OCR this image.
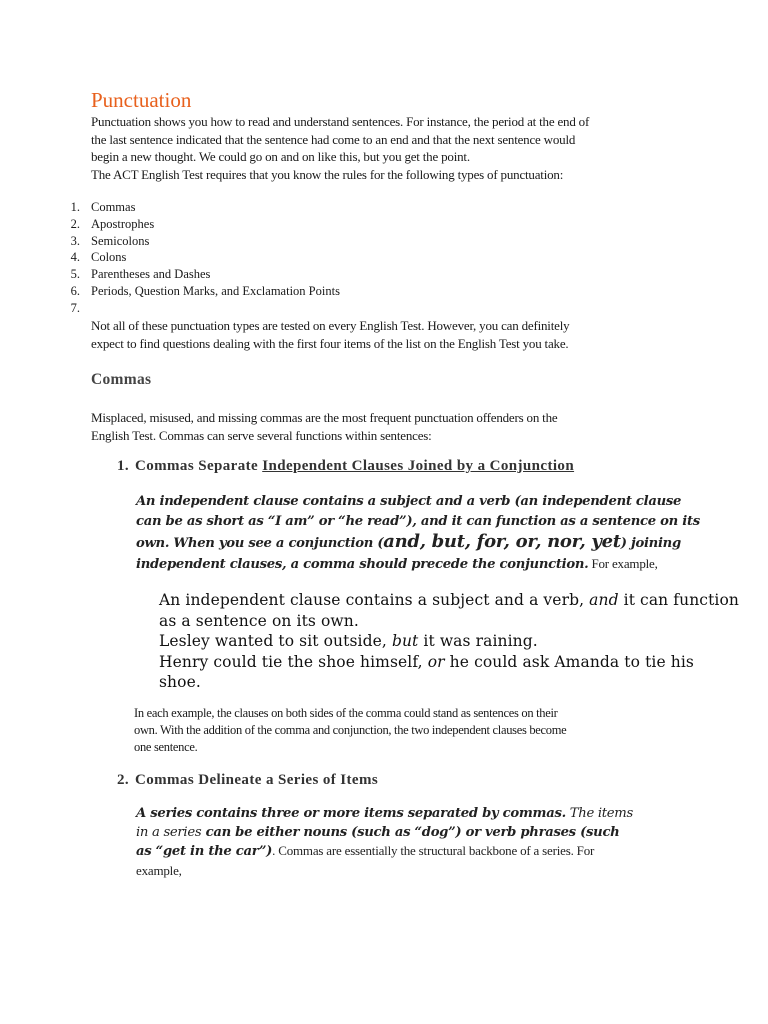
Punctuation
Punctuation shows you how to read and understand sentences. For instance, the period at the end of
the last sentence indicated that the sentence had come to an end and that the next sentence would
begin a new thought. We could go on and on like this, but you get the point.
The ACT English Test requires that you know the rules for the following types of punctuation:
1. Commas
2. Apostrophes
3. Semicolons
4. Colons
5. Parentheses and Dashes
6. Periods, Question Marks, and Exclamation Points
7.
Not all of these punctuation types are tested on every English Test. However, you can definitely
expect to find questions dealing with the first four items of the list on the English Test you take.
Commas
Misplaced, misused, and missing commas are the most frequent punctuation offenders on the
English Test. Commas can serve several functions within sentences:
1. Commas Separate Independent Clauses Joined by a Conjunction
An independent clause contains a subject and a verb (an independent clause
can be as short as “I am” or “he read”), and it can function as a sentence on its
own. When you see a conjunction (and, but, for, or, nor, yet) joining
independent clauses, a comma should precede the conjunction. For example,
An independent clause contains a subject and a verb, and it can function
as a sentence on its own.
Lesley wanted to sit outside, but it was raining.
Henry could tie the shoe himself, or he could ask Amanda to tie his
shoe.
In each example, the clauses on both sides of the comma could stand as sentences on their
own. With the addition of the comma and conjunction, the two independent clauses become
one sentence.
2. Commas Delineate a Series of Items
A series contains three or more items separated by commas. The items
in a series can be either nouns (such as “dog”) or verb phrases (such
as “get in the car”). Commas are essentially the structural backbone of a series. For
example,
